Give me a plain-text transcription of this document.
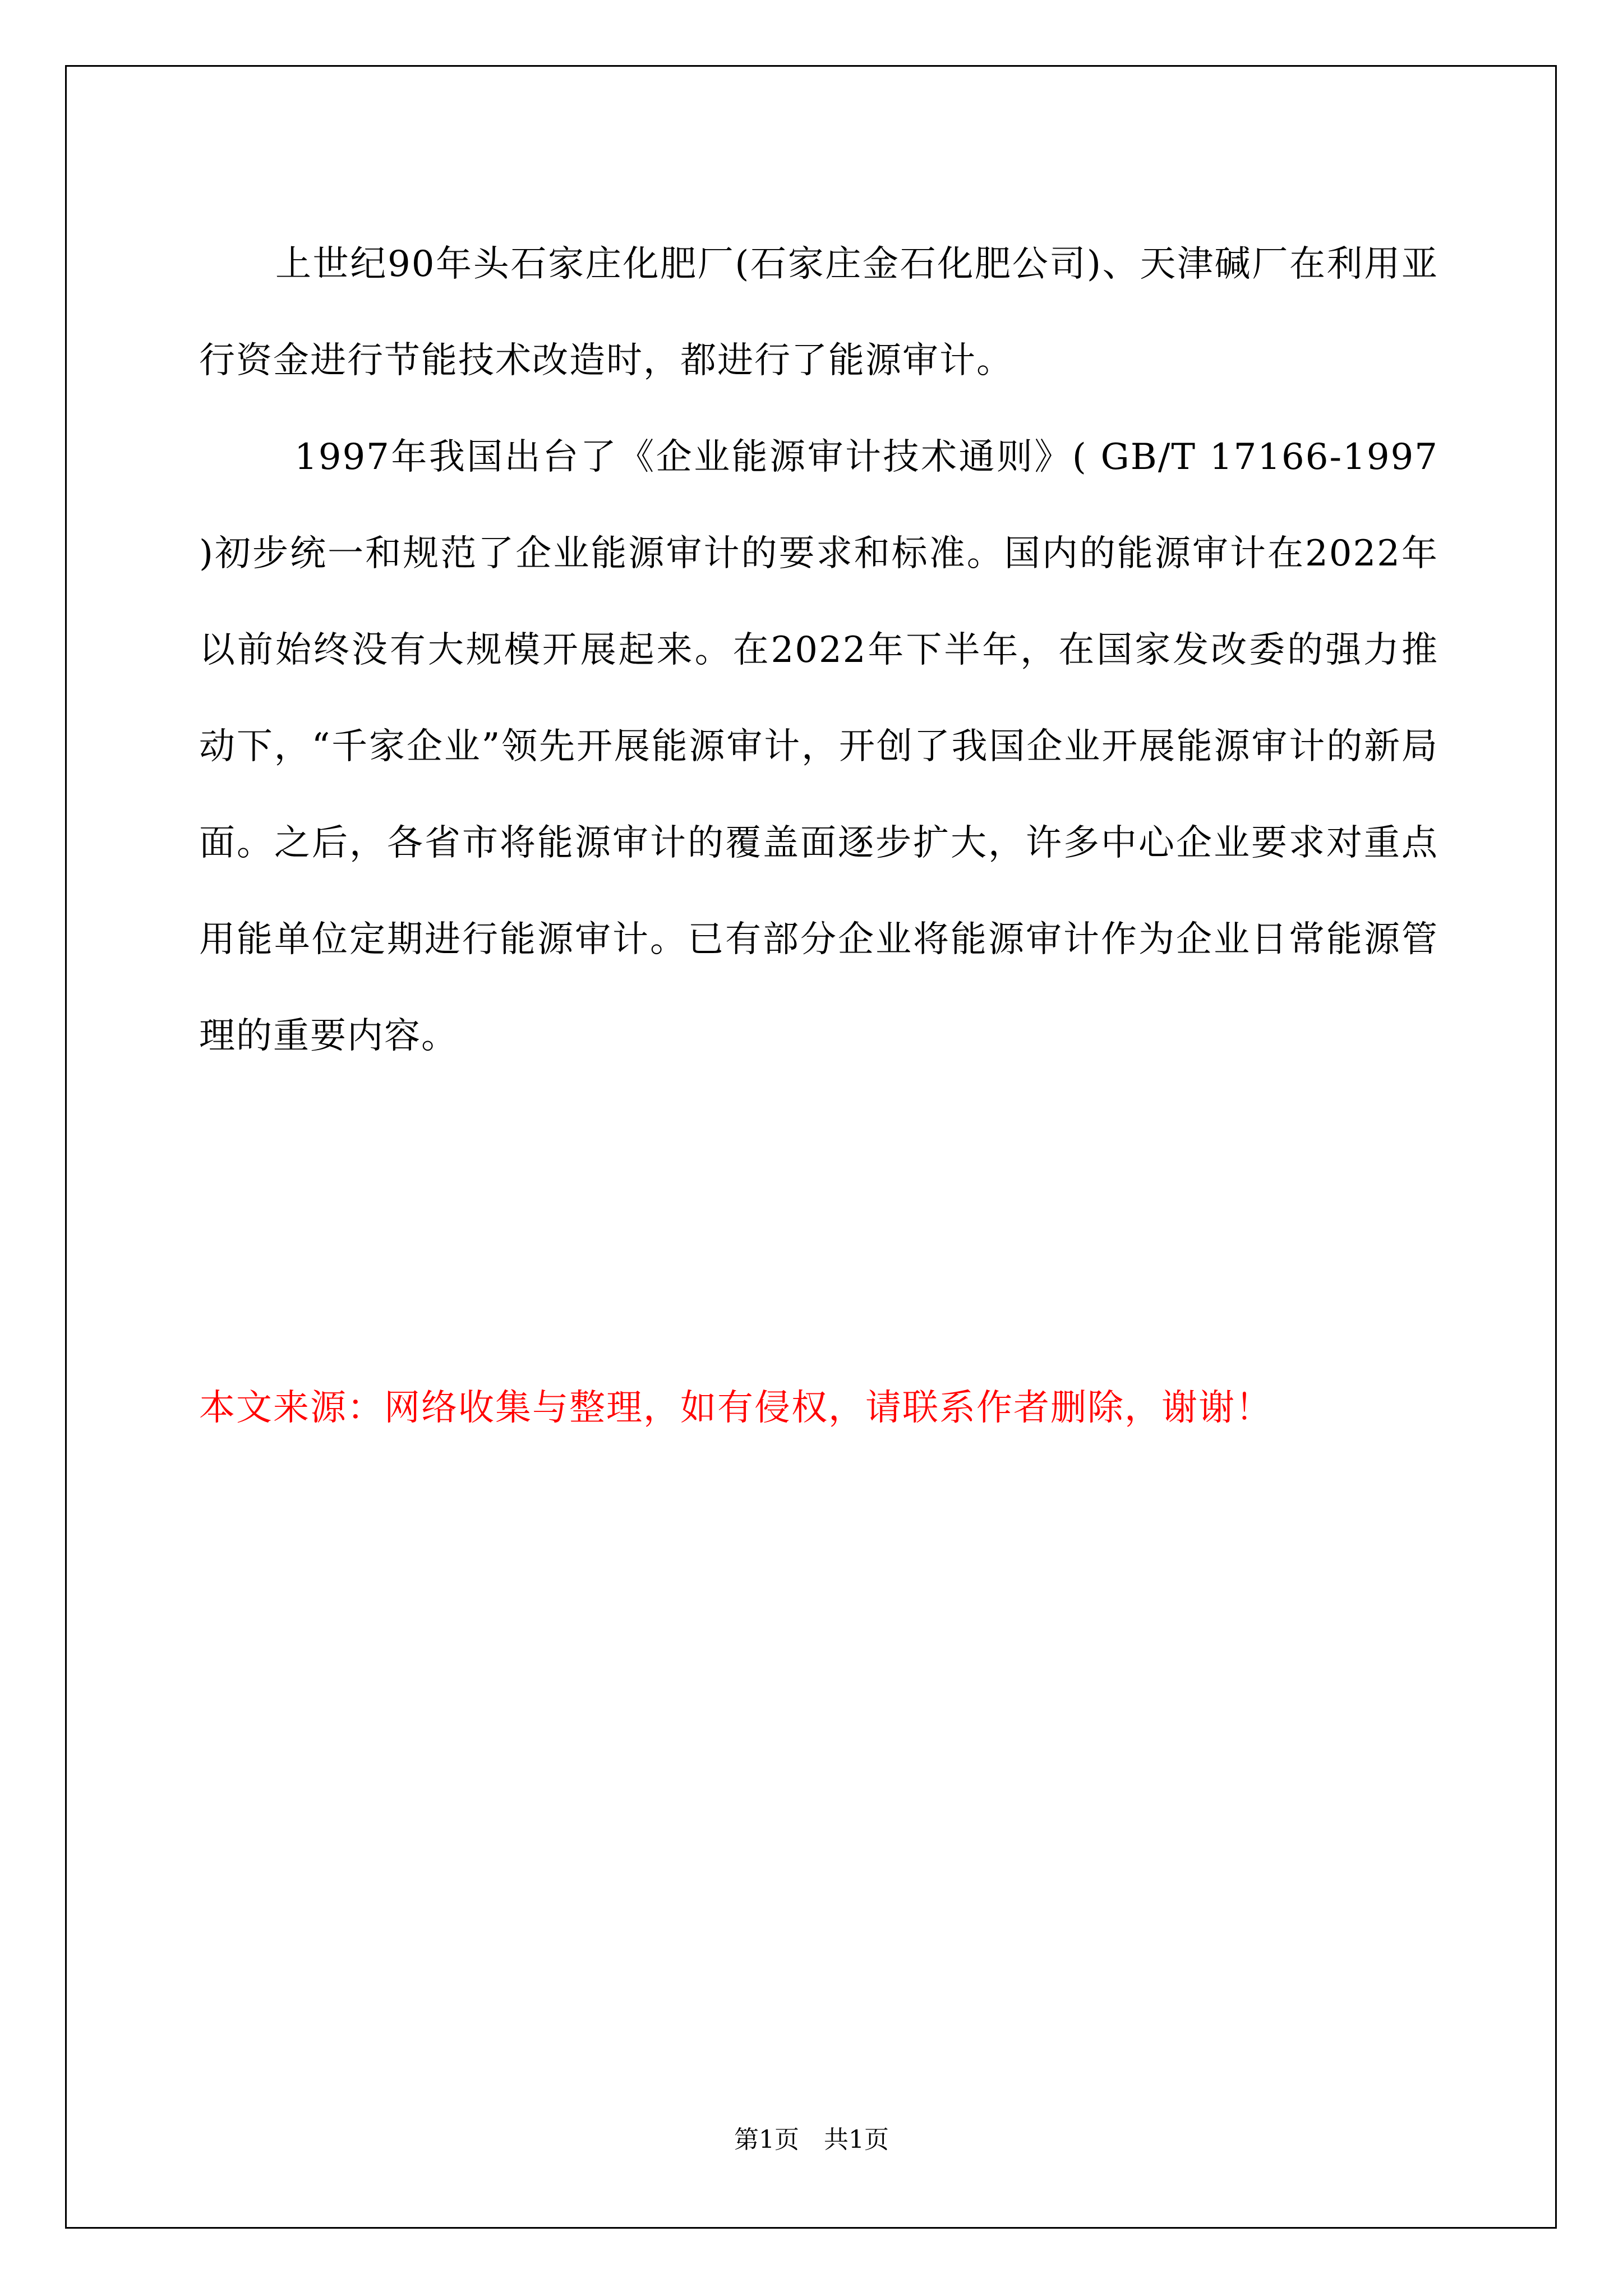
上世纪90年头石家庄化肥厂(石家庄金石化肥公司)、天津碱厂在利用亚行资金进行节能技术改造时，都进行了能源审计。

1997年我国出台了《企业能源审计技术通则》( GB/T 17166-1997 )初步统一和规范了企业能源审计的要求和标准。国内的能源审计在2022年以前始终没有大规模开展起来。在2022年下半年，在国家发改委的强力推动下，“千家企业”领先开展能源审计，开创了我国企业开展能源审计的新局面。之后，各省市将能源审计的覆盖面逐步扩大，许多中心企业要求对重点用能单位定期进行能源审计。已有部分企业将能源审计作为企业日常能源管理的重要内容。

本文来源：网络收集与整理，如有侵权，请联系作者删除，谢谢！

第1页　共1页
